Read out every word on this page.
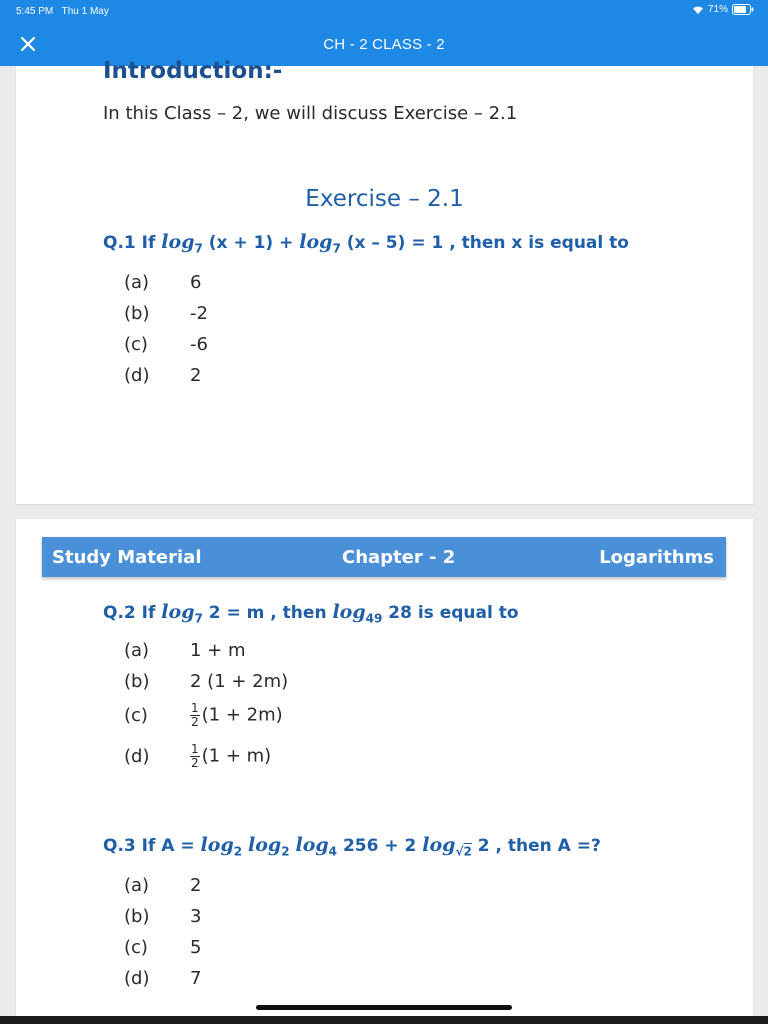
5:45 PM Thu 1 May	71%
CH - 2 CLASS - 2
Introduction:-
In this Class – 2, we will discuss Exercise – 2.1
Exercise – 2.1
Q.1 If $\log_7 (x + 1) + \log_7 (x - 5) = 1$ , then x is equal to
(a) 6
(b) -2
(c) -6
(d) 2
Study Material	Chapter - 2	Logarithms
Q.2 If $\log_7 2 = m$ , then $\log_{49} 28$ is equal to
(a) 1 + m
(b) 2 (1 + 2m)
(c)	$\frac{1}{2} (1 + 2m)$
(d)	$\frac{1}{2} (1 + m)$
Q.3 If $A = \log_2 \log_2 \log_4 256 + 2$ $\log_{√2} 2$ , then A =?
(a) 2
(b) 3
(c) 5
(d) 7
